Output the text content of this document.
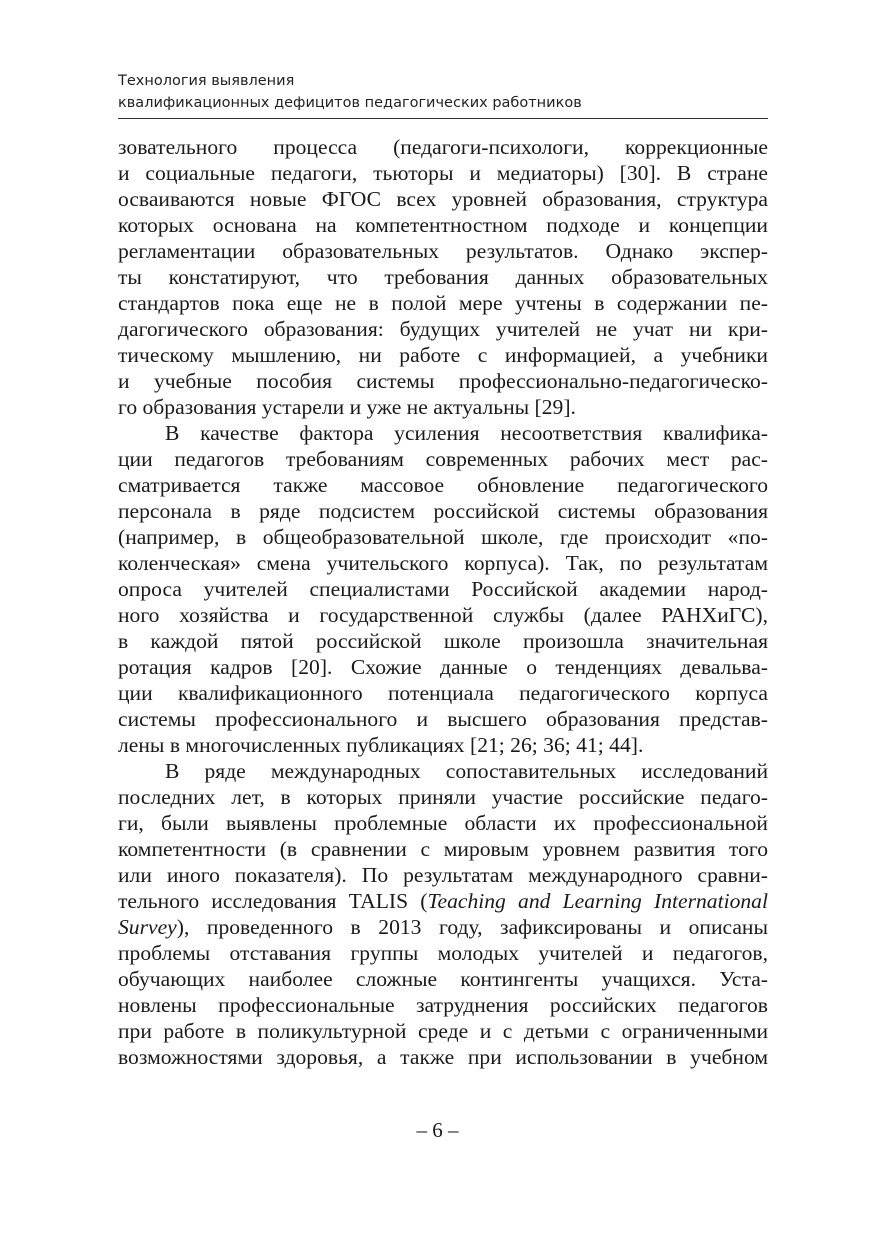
Технология выявления
квалификационных дефицитов педагогических работников
зовательного процесса (педагоги-психологи, коррекционные
и социальные педагоги, тьюторы и медиаторы) [30]. В стране
осваиваются новые ФГОС всех уровней образования, структура
которых основана на компетентностном подходе и концепции
регламентации образовательных результатов. Однако экспер-
ты констатируют, что требования данных образовательных
стандартов пока еще не в полой мере учтены в содержании пе-
дагогического образования: будущих учителей не учат ни кри-
тическому мышлению, ни работе с информацией, а учебники
и учебные пособия системы профессионально-педагогическо-
го образования устарели и уже не актуальны [29].
В качестве фактора усиления несоответствия квалифика-
ции педагогов требованиям современных рабочих мест рас-
сматривается также массовое обновление педагогического
персонала в ряде подсистем российской системы образования
(например, в общеобразовательной школе, где происходит «по-
коленческая» смена учительского корпуса). Так, по результатам
опроса учителей специалистами Российской академии народ-
ного хозяйства и государственной службы (далее РАНХиГС),
в каждой пятой российской школе произошла значительная
ротация кадров [20]. Схожие данные о тенденциях девальва-
ции квалификационного потенциала педагогического корпуса
системы профессионального и высшего образования представ-
лены в многочисленных публикациях [21; 26; 36; 41; 44].
В ряде международных сопоставительных исследований
последних лет, в которых приняли участие российские педаго-
ги, были выявлены проблемные области их профессиональной
компетентности (в сравнении с мировым уровнем развития того
или иного показателя). По результатам международного сравни-
тельного исследования TALIS (Teaching and Learning International
Survey), проведенного в 2013 году, зафиксированы и описаны
проблемы отставания группы молодых учителей и педагогов,
обучающих наиболее сложные контингенты учащихся. Уста-
новлены профессиональные затруднения российских педагогов
при работе в поликультурной среде и с детьми с ограниченными
возможностями здоровья, а также при использовании в учебном
– 6 –
